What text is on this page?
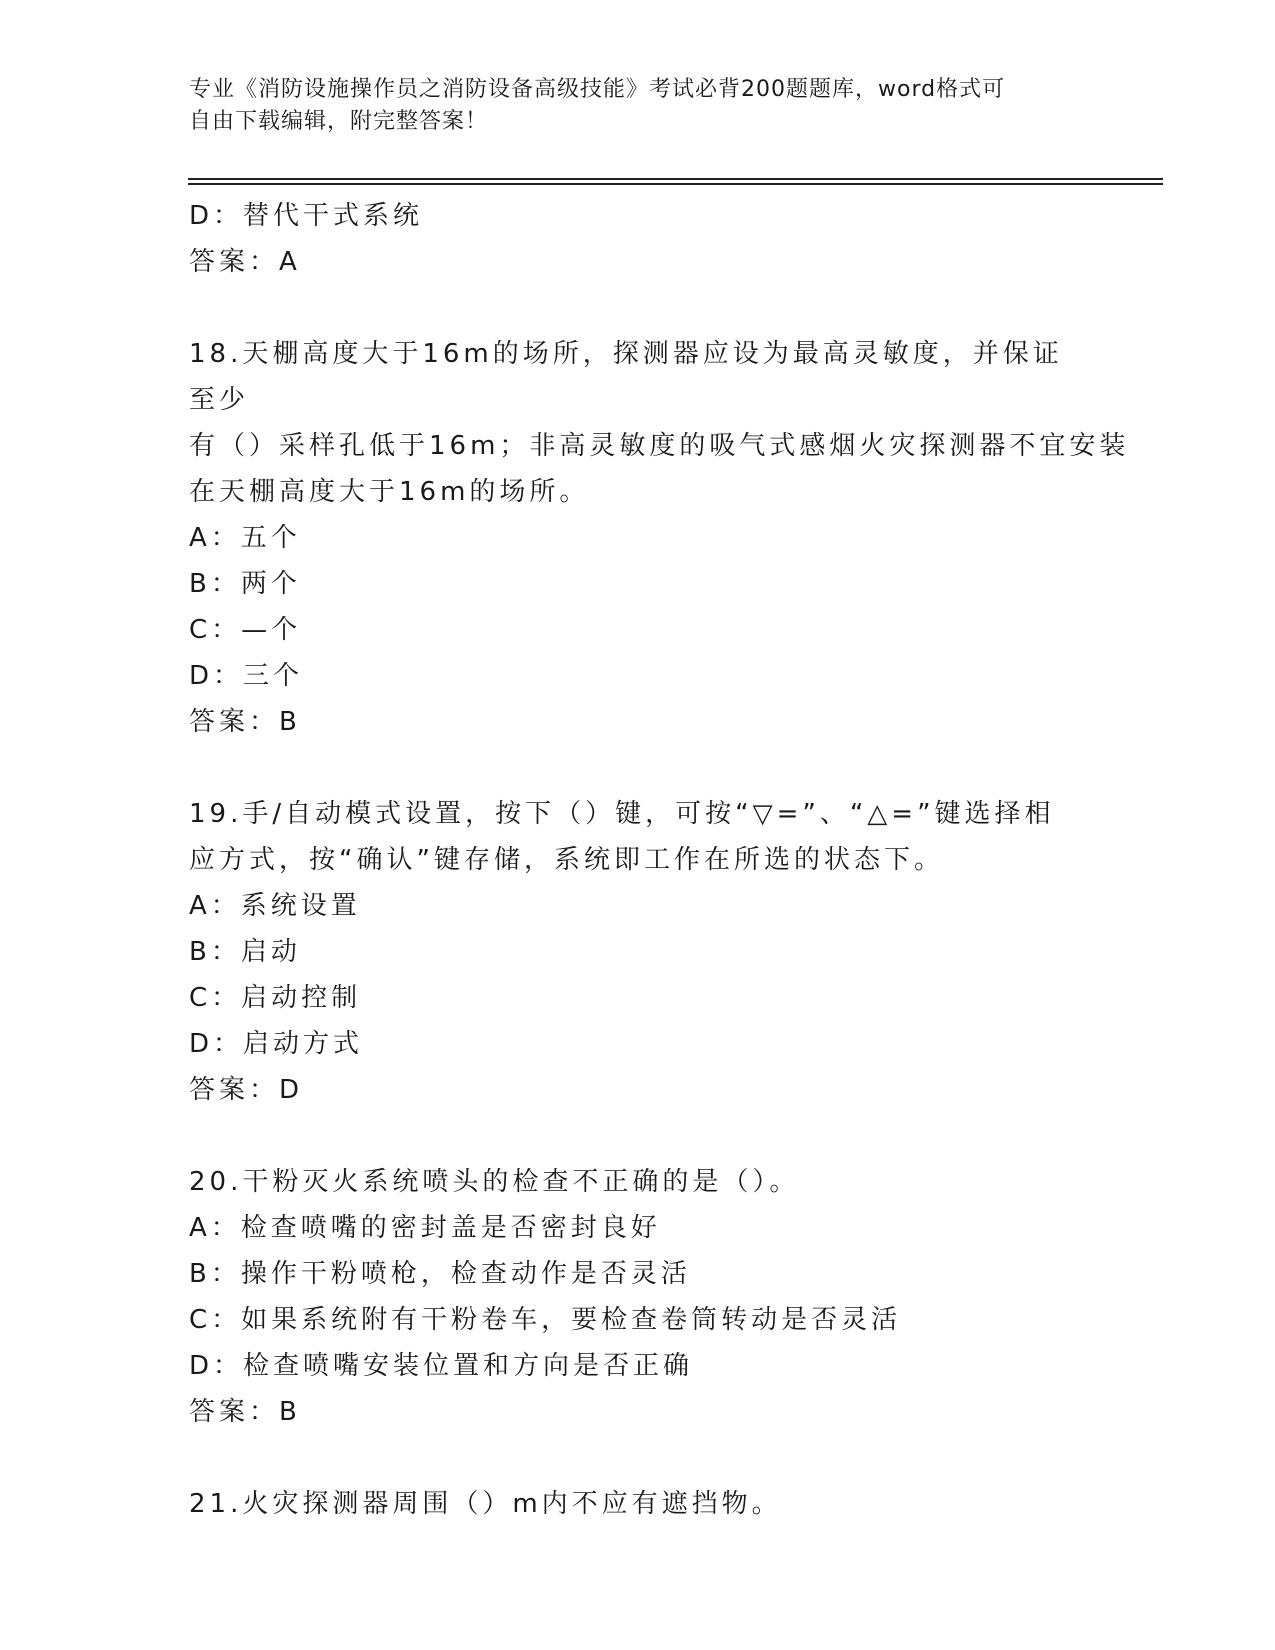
专业《消防设施操作员之消防设备高级技能》考试必背200题题库，word格式可
自由下载编辑，附完整答案！

D：替代干式系统

答案：A

18.天棚高度大于16m的场所，探测器应设为最高灵敏度，并保证至少

有（）采样孔低于16m；非高灵敏度的吸气式感烟火灾探测器不宜安装

在天棚高度大于16m的场所。

A：五个

B：两个

C：—个

D：三个

答案：B

19.手/自动模式设置，按下（）键，可按“▽=”、“△=”键选择相

应方式，按“确认”键存储，系统即工作在所选的状态下。

A：系统设置

B：启动

C：启动控制

D：启动方式

答案：D

20.干粉灭火系统喷头的检查不正确的是（）。

A：检查喷嘴的密封盖是否密封良好

B：操作干粉喷枪，检查动作是否灵活

C：如果系统附有干粉卷车，要检查卷筒转动是否灵活

D：检查喷嘴安装位置和方向是否正确

答案：B

21.火灾探测器周围（）m内不应有遮挡物。
